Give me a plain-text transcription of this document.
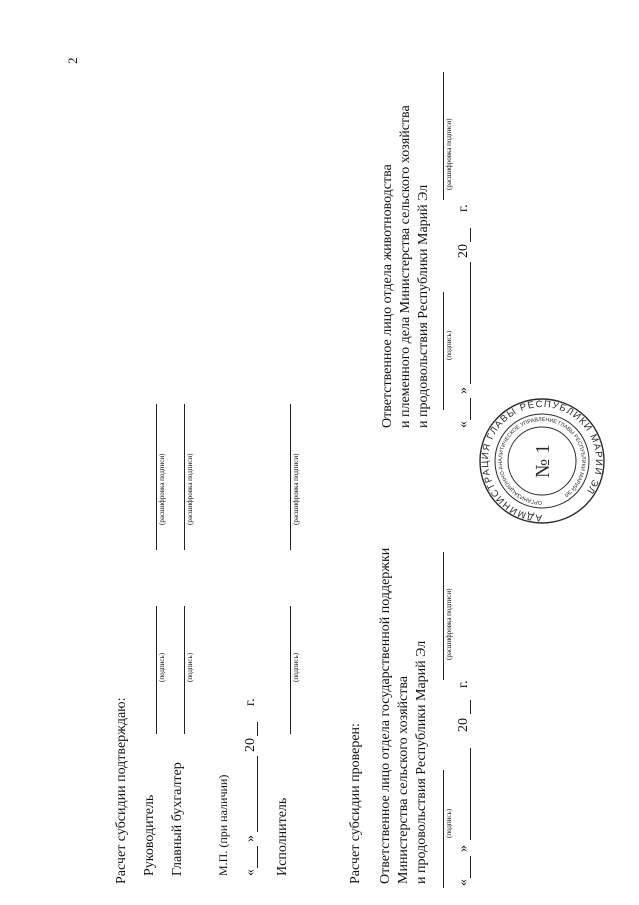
2
Расчет субсидии подтверждаю: Руководитель
(подпись)
(расшифровка подписи)
Главный бухгалтер
(подпись)
(расшифровка подписи)
М.П. (при наличии) «
»
20
г.
Исполнитель
(подпись)
(расшифровка подписи)
Расчет субсидии проверен: Ответственное лицо отдела государственной поддержки Министерства сельского хозяйства и продовольствия Республики Марий Эл (подпись)
(расшифровка подписи)
«
»
20
г.
Ответственное лицо отдела животноводства и племенного дела Министерства сельского хозяйства и продовольствия Республики Марий Эл (подпись)
(расшифровка подписи)
«
»
20
г.
АДМИНИСТРАЦИЯ ГЛАВЫ РЕСПУБЛИКИ МАРИЙ ЭЛ
ОРГАНИЗАЦИОННО-АНАЛИТИЧЕСКОЕ УПРАВЛЕНИЕ ГЛАВЫ РЕСПУБЛИКИ МАРИЙ ЭЛ
№ 1
